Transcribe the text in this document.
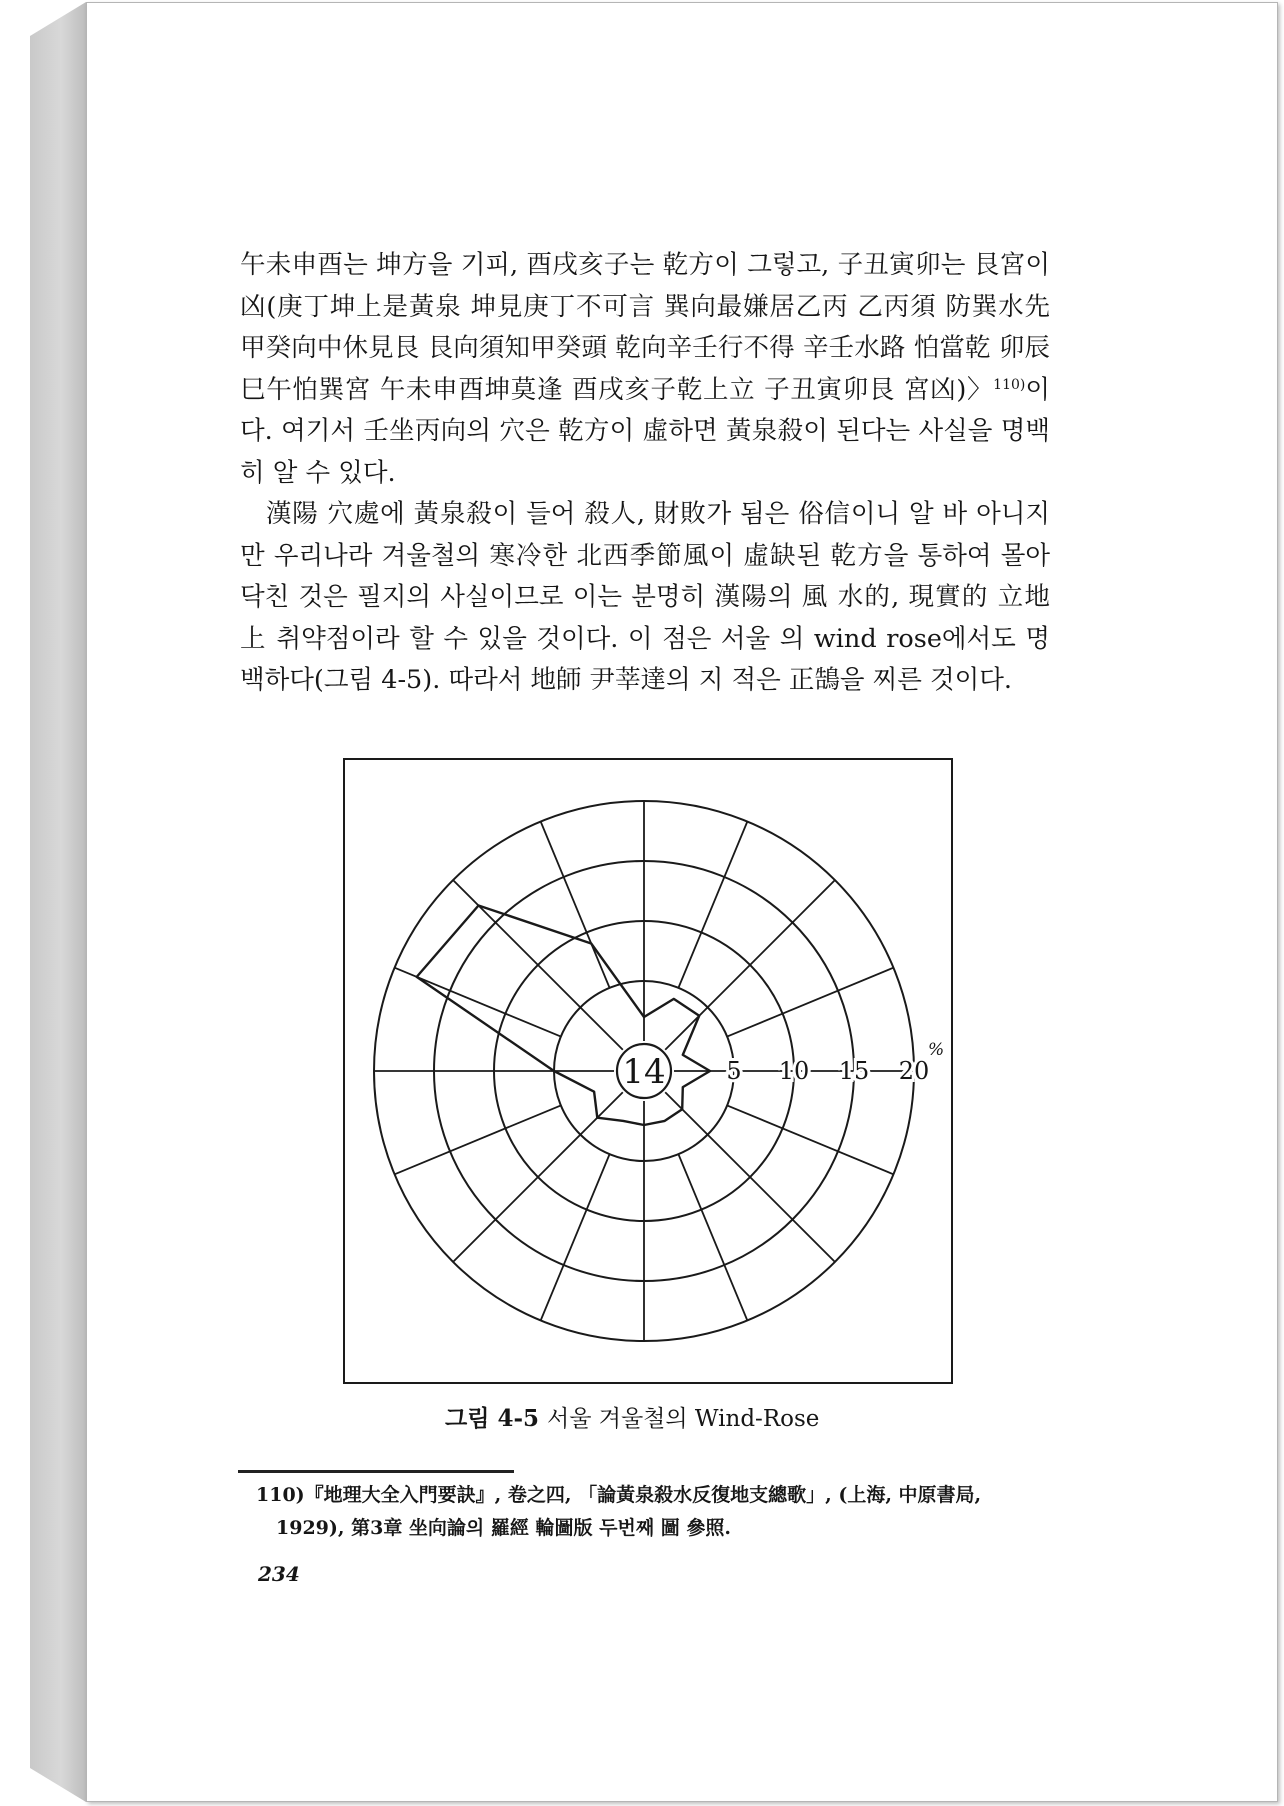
午未申酉는 坤方을 기피, 酉戌亥子는 乾方이 그렇고, 子丑寅卯는 艮宮이 凶(庚丁坤上是黃泉 坤見庚丁不可言 巽向最嫌居乙丙 乙丙須 防巽水先 甲癸向中休見艮 艮向須知甲癸頭 乾向辛壬行不得 辛壬水路 怕當乾 卯辰巳午怕巽宮 午未申酉坤莫逢 酉戌亥子乾上立 子丑寅卯艮 宮凶)〉$^{110)}$이다. 여기서 壬坐丙向의 穴은 乾方이 虛하면 黃泉殺이 된다는 사실을 명백히 알 수 있다.

漢陽 穴處에 黃泉殺이 들어 殺人, 財敗가 됨은 俗信이니 알 바 아니지만 우리나라 겨울철의 寒冷한 北西季節風이 虛缺된 乾方을 통하여 몰아닥친 것은 필지의 사실이므로 이는 분명히 漢陽의 風 水的, 現實的 立地上 취약점이라 할 수 있을 것이다. 이 점은 서울 의 wind rose에서도 명백하다(그림 4-5). 따라서 地師 尹莘達의 지 적은 正鵠을 찌른 것이다.

5 10 15 20
14
%
그림 4-5 서울 겨울철의 Wind-Rose

110)『地理大全入門要訣』, 卷之四, 「論黃泉殺水反復地支總歌」, (上海, 中原書局,

1929), 第3章 坐向論의 羅經 輪圖版 두번째 圖 參照.

234
